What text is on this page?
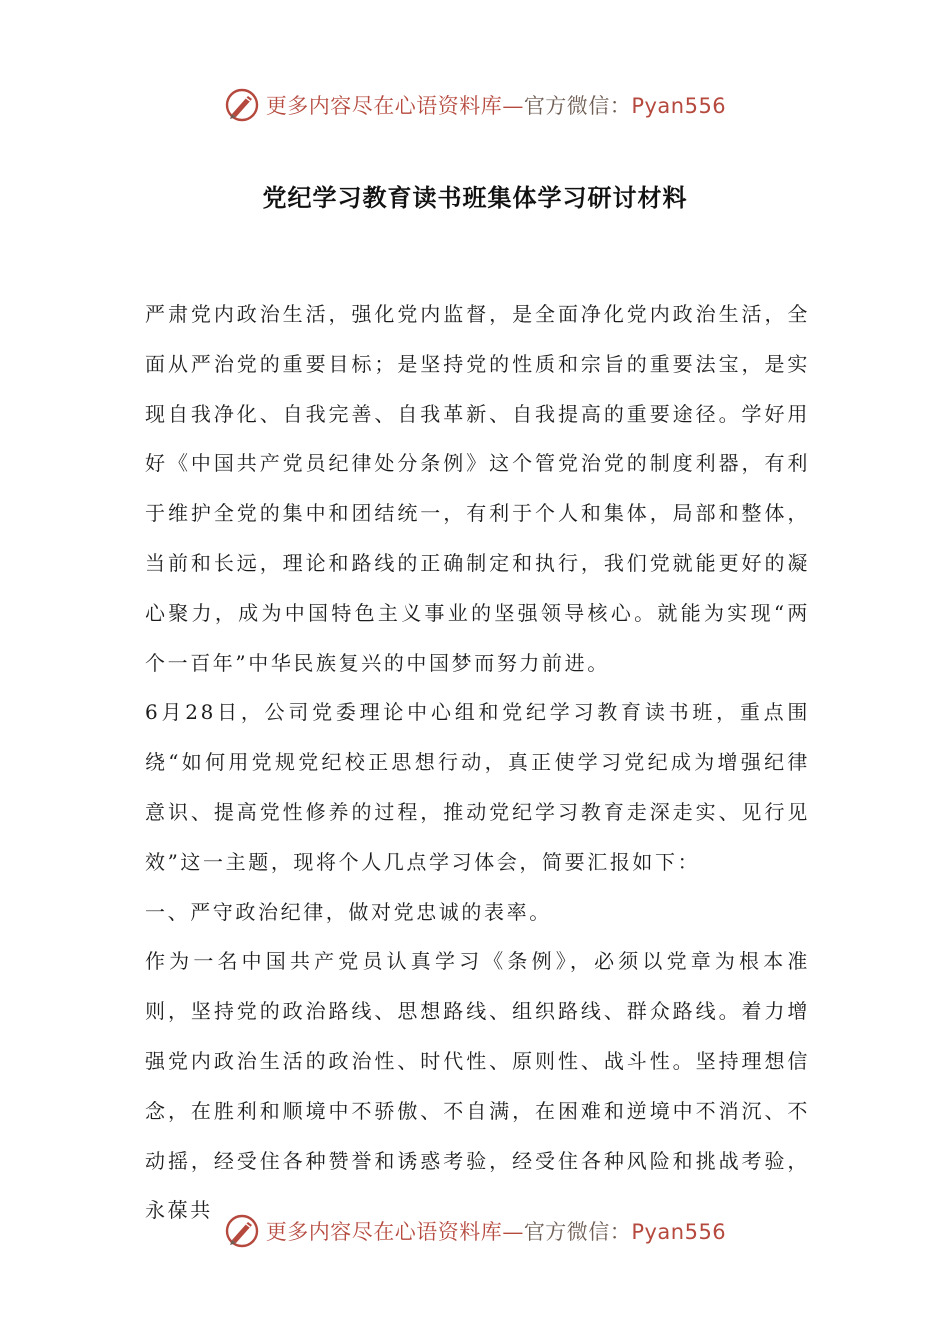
更多内容尽在心语资料库—官方微信：Pyan556
党纪学习教育读书班集体学习研讨材料

严肃党内政治生活，强化党内监督，是全面净化党内政治生活，全面从严治党的重要目标；是坚持党的性质和宗旨的重要法宝，是实现自我净化、自我完善、自我革新、自我提高的重要途径。学好用好《中国共产党员纪律处分条例》这个管党治党的制度利器，有利于维护全党的集中和团结统一，有利于个人和集体，局部和整体，当前和长远，理论和路线的正确制定和执行，我们党就能更好的凝心聚力，成为中国特色主义事业的坚强领导核心。就能为实现“两个一百年”中华民族复兴的中国梦而努力前进。

6月28日，公司党委理论中心组和党纪学习教育读书班，重点围绕“如何用党规党纪校正思想行动，真正使学习党纪成为增强纪律意识、提高党性修养的过程，推动党纪学习教育走深走实、见行见效”这一主题，现将个人几点学习体会，简要汇报如下：

一、严守政治纪律，做对党忠诚的表率。

作为一名中国共产党员认真学习《条例》，必须以党章为根本准则，坚持党的政治路线、思想路线、组织路线、群众路线。着力增强党内政治生活的政治性、时代性、原则性、战斗性。坚持理想信念，在胜利和顺境中不骄傲、不自满，在困难和逆境中不消沉、不动摇，经受住各种赞誉和诱惑考验，经受住各种风险和挑战考验，永葆共

更多内容尽在心语资料库—官方微信：Pyan556
